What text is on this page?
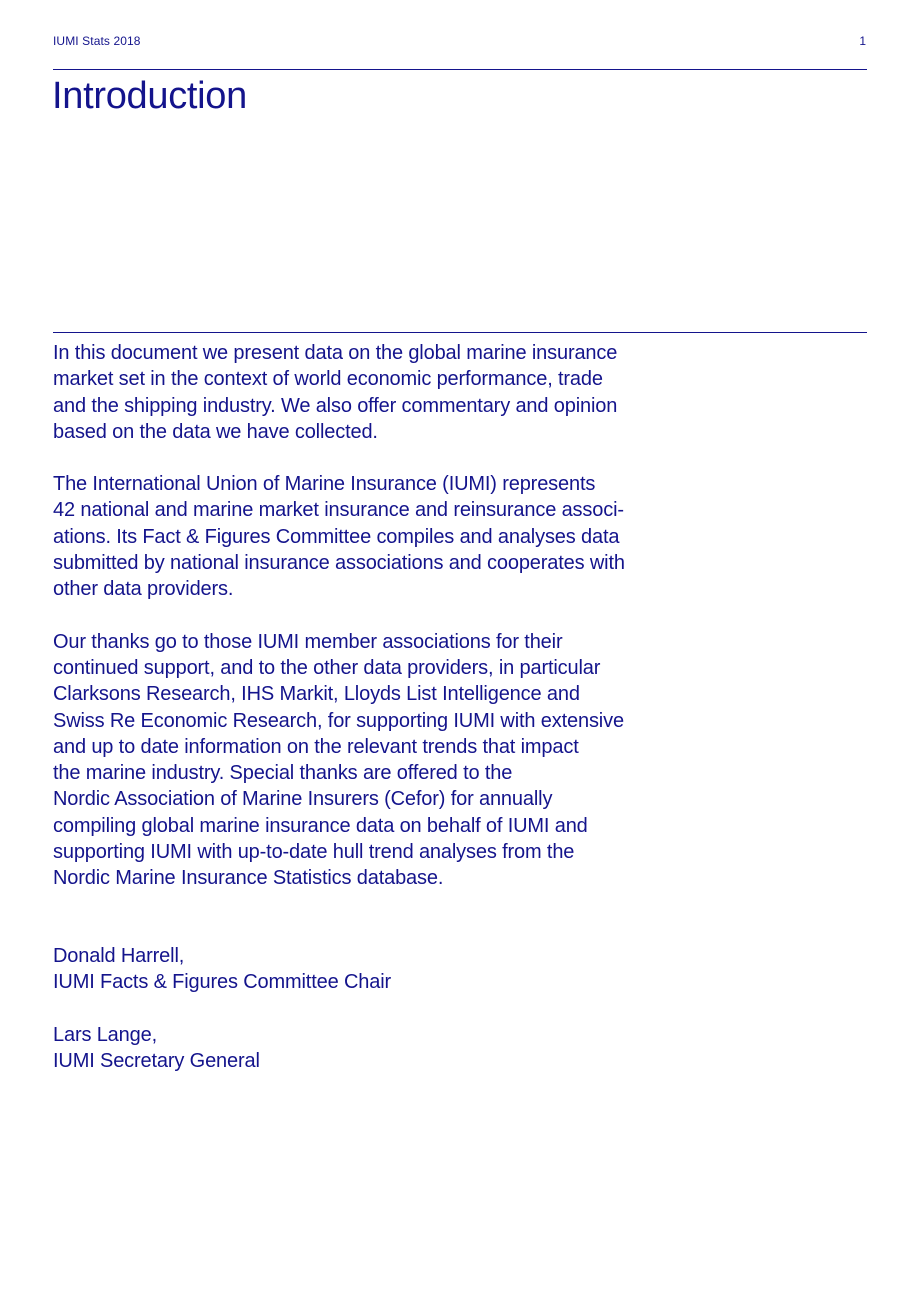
IUMI Stats 2018	1
Introduction

In this document we present data on the global marine insurance
market set in the context of world economic performance, trade
and the shipping industry. We also offer commentary and opinion
based on the data we have collected.

The International Union of Marine Insurance (IUMI) represents
42 national and marine market insurance and reinsurance associ-
ations. Its Fact & Figures Committee compiles and analyses data
submitted by national insurance associations and cooperates with
other data providers.

Our thanks go to those IUMI member associations for their
continued support, and to the other data providers, in particular
Clarksons Research, IHS Markit, Lloyds List Intelligence and
Swiss Re Economic Research, for supporting IUMI with extensive
and up to date information on the relevant trends that impact
the marine industry. Special thanks are offered to the
Nordic Association of Marine Insurers (Cefor) for annually
compiling global marine insurance data on behalf of IUMI and
supporting IUMI with up-to-date hull trend analyses from the
Nordic Marine Insurance Statistics database.

Donald Harrell,
IUMI Facts & Figures Committee Chair
Lars Lange,
IUMI Secretary General
